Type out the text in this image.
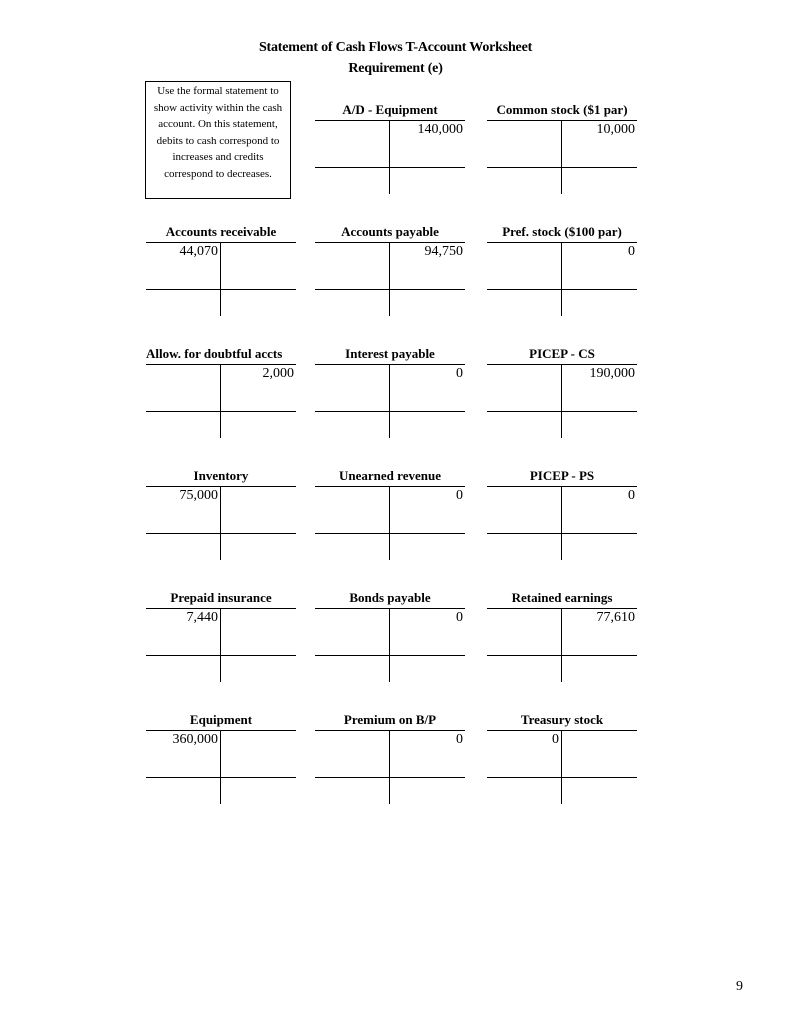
Statement of Cash Flows T-Account Worksheet
Requirement (e)
Use the formal statement to show activity within the cash account. On this statement, debits to cash correspond to increases and credits correspond to decreases.
A/D - Equipment
140,000
Common stock ($1 par)
10,000
Accounts receivable
44,070
Accounts payable
94,750
Pref. stock ($100 par)
0
Allow. for doubtful accts
2,000
Interest payable
0
PICEP - CS
190,000
Inventory
75,000
Unearned revenue
0
PICEP - PS
0
Prepaid insurance
7,440
Bonds payable
0
Retained earnings
77,610
Equipment
360,000
Premium on B/P
0
Treasury stock
0
9
